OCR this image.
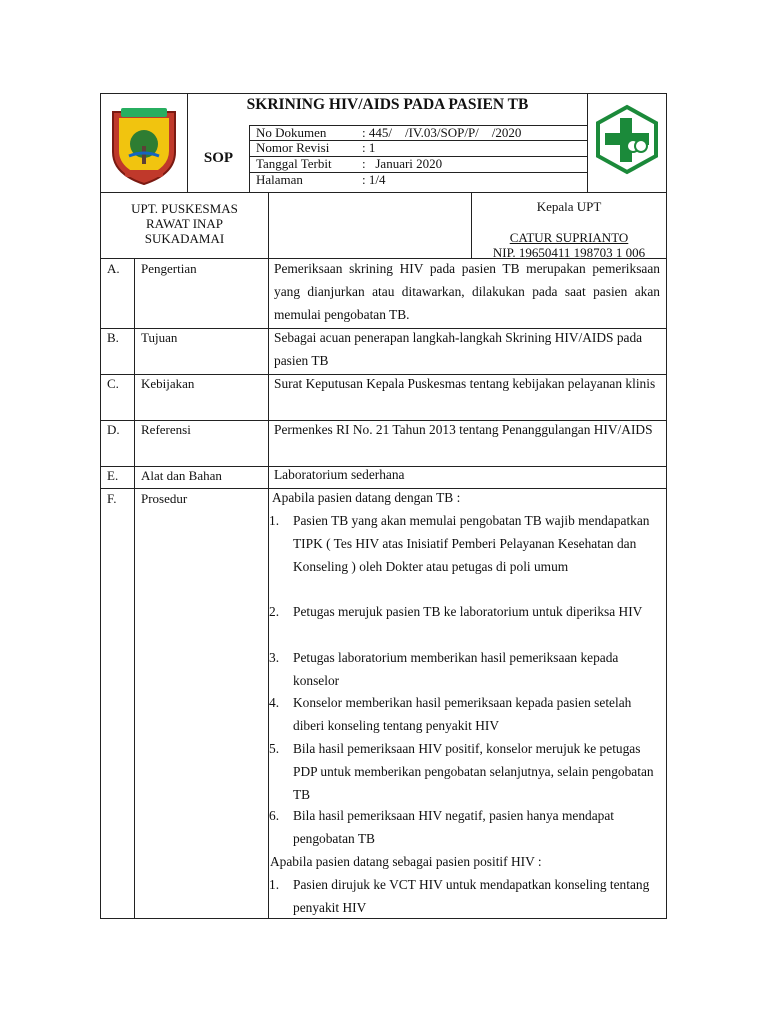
SKRINING HIV/AIDS PADA PASIEN TB
SOP
No Dokumen	: 445/    /IV.03/SOP/P/    /2020
Nomor Revisi	: 1
Tanggal Terbit :   Januari 2020
Halaman	: 1/4
UPT. PUSKESMAS
RAWAT INAP
SUKADAMAI
Kepala UPT
CATUR SUPRIANTO
NIP. 19650411 198703 1 006
A. Pengertian	Pemeriksaan skrining HIV pada pasien TB merupakan pemeriksaan yang dianjurkan atau ditawarkan, dilakukan pada saat pasien akan memulai pengobatan TB.
B. Tujuan	Sebagai acuan penerapan langkah-langkah Skrining HIV/AIDS pada pasien TB
C. Kebijakan	Surat Keputusan Kepala Puskesmas tentang kebijakan pelayanan klinis
D. Referensi	Permenkes RI No. 21 Tahun 2013 tentang Penanggulangan HIV/AIDS
E. Alat dan Bahan	Laboratorium sederhana
F. Prosedur	Apabila pasien datang dengan TB :
1.	Pasien TB yang akan memulai pengobatan TB wajib mendapatkan TIPK ( Tes HIV atas Inisiatif Pemberi Pelayanan Kesehatan dan Konseling ) oleh Dokter atau petugas di poli umum
2.	Petugas merujuk pasien TB ke laboratorium untuk diperiksa HIV
3.	Petugas laboratorium memberikan hasil pemeriksaan kepada konselor
4.	Konselor memberikan hasil pemeriksaan kepada pasien setelah diberi konseling tentang penyakit HIV
5.	Bila hasil pemeriksaan HIV positif, konselor merujuk ke petugas PDP untuk memberikan pengobatan selanjutnya, selain pengobatan TB
6.	Bila hasil pemeriksaan HIV negatif, pasien hanya mendapat pengobatan TB
Apabila pasien datang sebagai pasien positif HIV :
1.	Pasien dirujuk ke VCT HIV untuk mendapatkan konseling tentang penyakit HIV
